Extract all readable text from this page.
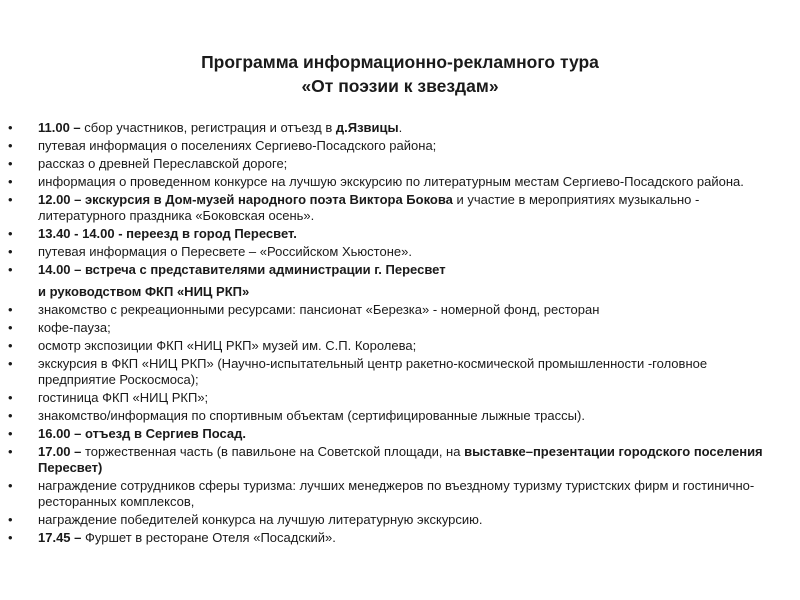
Программа информационно-рекламного тура
«От поэзии к звездам»
• 11.00 – сбор участников, регистрация и отъезд в д.Язвицы.
• путевая информация о поселениях Сергиево-Посадского района;
• рассказ о древней Переславской дороге;
• информация о проведенном конкурсе на лучшую экскурсию по литературным местам Сергиево-Посадского района.
• 12.00 – экскурсия в Дом-музей народного поэта Виктора Бокова и участие в мероприятиях музыкально - литературного праздника «Боковская осень».
• 13.40 - 14.00 - переезд в город Пересвет.
• путевая информация о Пересвете – «Российском Хьюстоне».
• 14.00 – встреча с представителями администрации г. Пересвет
и руководством ФКП «НИЦ РКП»
• знакомство с рекреационными ресурсами: пансионат «Березка» - номерной фонд, ресторан
• кофе-пауза;
• осмотр экспозиции ФКП «НИЦ РКП» музей им. С.П. Королева;
• экскурсия в ФКП «НИЦ РКП» (Научно-испытательный центр ракетно-космической промышленности -головное предприятие Роскосмоса);
• гостиница ФКП «НИЦ РКП»;
• знакомство/информация по спортивным объектам (сертифицированные лыжные трассы).
• 16.00 – отъезд в Сергиев Посад.
• 17.00 – торжественная часть (в павильоне на Советской площади, на выставке–презентации городского поселения Пересвет)
• награждение сотрудников сферы туризма: лучших менеджеров по въездному туризму туристских фирм и гостинично-ресторанных комплексов,
• награждение победителей конкурса на лучшую литературную экскурсию.
• 17.45 – Фуршет в ресторане Отеля «Посадский».
